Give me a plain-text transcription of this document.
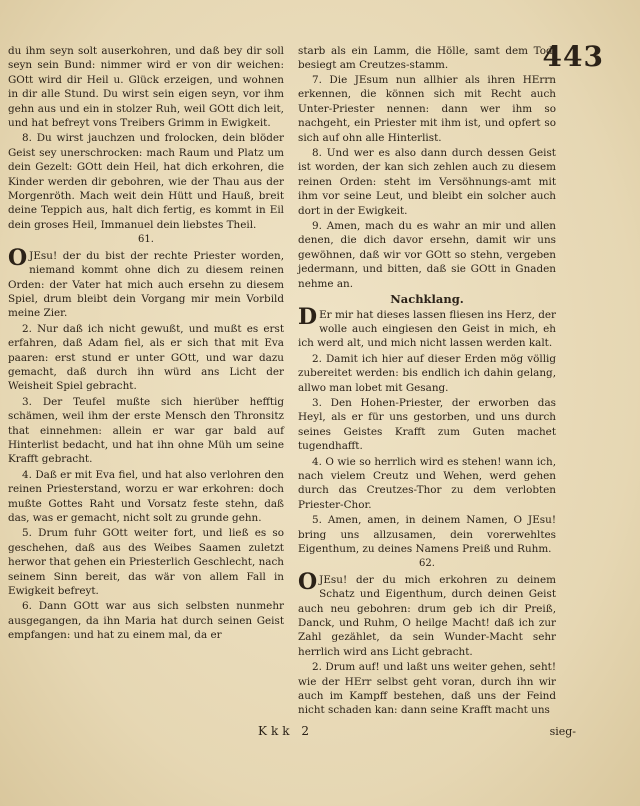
443

du ihm seyn solt auserkohren, und daß bey dir soll seyn sein Bund: nimmer wird er von dir weichen: GOtt wird dir Heil u. Glück erzeigen, und wohnen in dir alle Stund. Du wirst sein eigen seyn, vor ihm gehn aus und ein in stolzer Ruh, weil GOtt dich leit, und hat befreyt vons Treibers Grimm in Ewigkeit.

8. Du wirst jauchzen und frolocken, dein blöder Geist sey unerschrocken: mach Raum und Platz um dein Gezelt: GOtt dein Heil, hat dich erkohren, die Kinder werden dir gebohren, wie der Thau aus der Morgenröth. Mach weit dein Hütt und Hauß, breit deine Teppich aus, halt dich fertig, es kommt in Eil dein groses Heil, Immanuel dein liebstes Theil.

61.

OJEsu! der du bist der rechte Priester worden, niemand kommt ohne dich zu diesem reinen Orden: der Vater hat mich auch ersehn zu diesem Spiel, drum bleibt dein Vorgang mir mein Vorbild meine Zier.

2. Nur daß ich nicht gewußt, und mußt es erst erfahren, daß Adam fiel, als er sich that mit Eva paaren: erst stund er unter GOtt, und war dazu gemacht, daß durch ihn würd ans Licht der Weisheit Spiel gebracht.

3. Der Teufel mußte sich hierüber hefftig schämen, weil ihm der erste Mensch den Thronsitz that einnehmen: allein er war gar bald auf Hinterlist bedacht, und hat ihn ohne Müh um seine Krafft gebracht.

4. Daß er mit Eva fiel, und hat also verlohren den reinen Priesterstand, worzu er war erkohren: doch mußte Gottes Raht und Vorsatz feste stehn, daß das, was er gemacht, nicht solt zu grunde gehn.

5. Drum fuhr GOtt weiter fort, und ließ es so geschehen, daß aus des Weibes Saamen zuletzt herwor that gehen ein Priesterlich Geschlecht, nach seinem Sinn bereit, das wär von allem Fall in Ewigkeit befreyt.

6. Dann GOtt war aus sich selbsten nunmehr ausgegangen, da ihn Maria hat durch seinen Geist empfangen: und hat zu einem mal, da er

starb als ein Lamm, die Hölle, samt dem Tod, besiegt am Creutzes-stamm.

7. Die JEsum nun allhier als ihren HErrn erkennen, die können sich mit Recht auch Unter-Priester nennen: dann wer ihm so nachgeht, ein Priester mit ihm ist, und opfert so sich auf ohn alle Hinterlist.

8. Und wer es also dann durch dessen Geist ist worden, der kan sich zehlen auch zu diesem reinen Orden: steht im Versöhnungs-amt mit ihm vor seine Leut, und bleibt ein solcher auch dort in der Ewigkeit.

9. Amen, mach du es wahr an mir und allen denen, die dich davor ersehn, damit wir uns gewöhnen, daß wir vor GOtt so stehn, vergeben jedermann, und bitten, daß sie GOtt in Gnaden nehme an.

Nachklang.

DEr mir hat dieses lassen fliesen ins Herz, der wolle auch eingiesen den Geist in mich, eh ich werd alt, und mich nicht lassen werden kalt.

2. Damit ich hier auf dieser Erden mög völlig zubereitet werden: bis endlich ich dahin gelang, allwo man lobet mit Gesang.

3. Den Hohen-Priester, der erworben das Heyl, als er für uns gestorben, und uns durch seines Geistes Krafft zum Guten machet tugendhafft.

4. O wie so herrlich wird es stehen! wann ich, nach vielem Creutz und Wehen, werd gehen durch das Creutzes-Thor zu dem verlobten Priester-Chor.

5. Amen, amen, in deinem Namen, O JEsu! bring uns allzusamen, dein vorerwehltes Eigenthum, zu deines Namens Preiß und Ruhm.

62.

OJEsu! der du mich erkohren zu deinem Schatz und Eigenthum, durch deinen Geist auch neu gebohren: drum geb ich dir Preiß, Danck, und Ruhm, O heilge Macht! daß ich zur Zahl gezählet, da sein Wunder-Macht sehr herrlich wird ans Licht gebracht.

2. Drum auf! und laßt uns weiter gehen, seht! wie der HErr selbst geht voran, durch ihn wir auch im Kampff bestehen, daß uns der Feind nicht schaden kan: dann seine Krafft macht uns

Kkk 2	sieg-
